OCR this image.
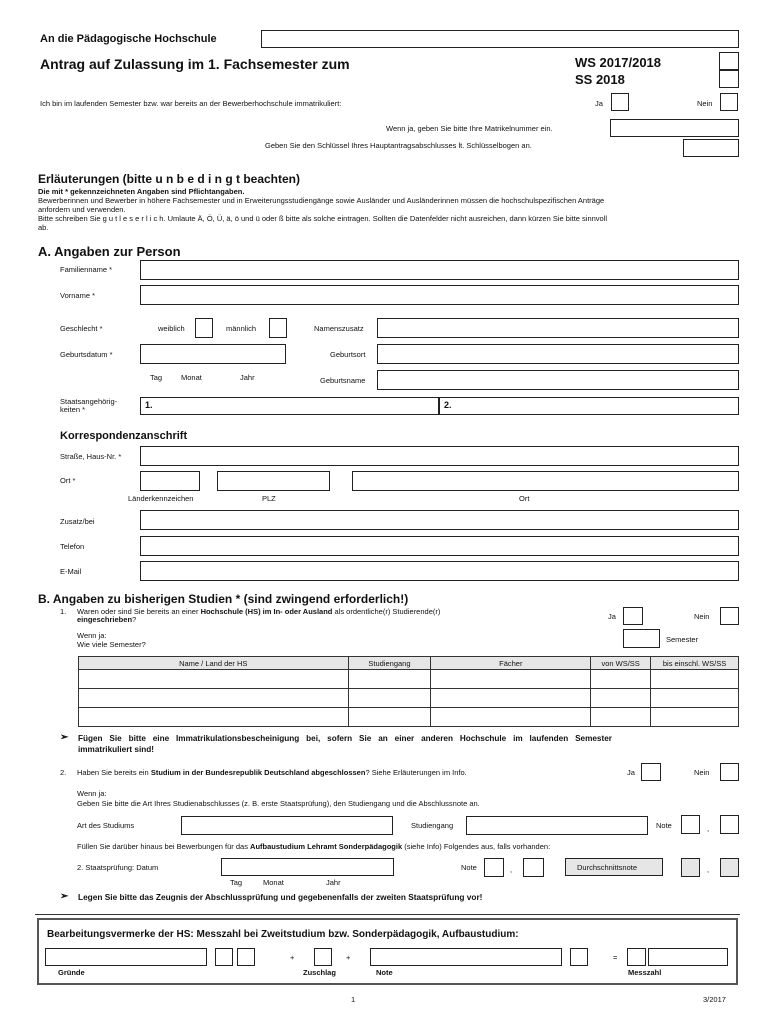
An die Pädagogische Hochschule
Antrag auf Zulassung im 1. Fachsemester zum	WS 2017/2018
SS 2018
Ich bin im laufenden Semester bzw. war bereits an der Bewerberhochschule immatrikuliert:	Ja	Nein
Wenn ja, geben Sie bitte Ihre Matrikelnummer ein.
Geben Sie den Schlüssel Ihres Hauptantragsabschlusses lt. Schlüsselbogen an.
Erläuterungen (bitte u n b e d i n g t beachten)
Die mit * gekennzeichneten Angaben sind Pflichtangaben.
Bewerberinnen und Bewerber in höhere Fachsemester und in Erweiterungsstudiengänge sowie Ausländer und Ausländerinnen müssen die hochschulspezifischen Anträge
anfordern und verwenden.
Bitte schreiben Sie g u t l e s e r l i c h. Umlaute Ä, Ö, Ü, ä, ö und ü oder ß bitte als solche eintragen. Sollten die Datenfelder nicht ausreichen, dann kürzen Sie bitte sinnvoll
ab.
A. Angaben zur Person
Familienname *
Vorname *
Geschlecht *	weiblich	männlich	Namenszusatz
Geburtsdatum *	Geburtsort
Tag	Monat	Jahr	Geburtsname
Staatsangehörig-
keiten *	1.	2.
Korrespondenzanschrift
Straße, Haus-Nr. *
Ort *
Länderkennzeichen	PLZ	Ort
Zusatz/bei
Telefon
E-Mail
B. Angaben zu bisherigen Studien * (sind zwingend erforderlich!)
1. Waren oder sind Sie bereits an einer Hochschule (HS) im In- oder Ausland als ordentliche(r) Studierende(r)
eingeschrieben?	Ja	Nein
Wenn ja:
Wie viele Semester?
Semester
Name / Land der HS	Studiengang	Fächer	von WS/SS	bis einschl. WS/SS

➢ Fügen Sie bitte eine Immatrikulationsbescheinigung bei, sofern Sie an einer anderen Hochschule im laufenden Semester
immatrikuliert sind!
2. Haben Sie bereits ein Studium in der Bundesrepublik Deutschland abgeschlossen? Siehe Erläuterungen im Info.	Ja	Nein
Wenn ja:
Geben Sie bitte die Art Ihres Studienabschlusses (z. B. erste Staatsprüfung), den Studiengang und die Abschlussnote an.
Art des Studiums	Studiengang	Note	,
Füllen Sie darüber hinaus bei Bewerbungen für das Aufbaustudium Lehramt Sonderpädagogik (siehe Info) Folgendes aus, falls vorhanden:
2. Staatsprüfung: Datum
Tag	Monat	Jahr
Note	,	Durchschnittsnote	,
➢ Legen Sie bitte das Zeugnis der Abschlussprüfung und gegebenenfalls der zweiten Staatsprüfung vor!
Bearbeitungsvermerke der HS: Messzahl bei Zweitstudium bzw. Sonderpädagogik, Aufbaustudium:
+	+	=
Gründe	Zuschlag	Note	Messzahl
1	3/2017
